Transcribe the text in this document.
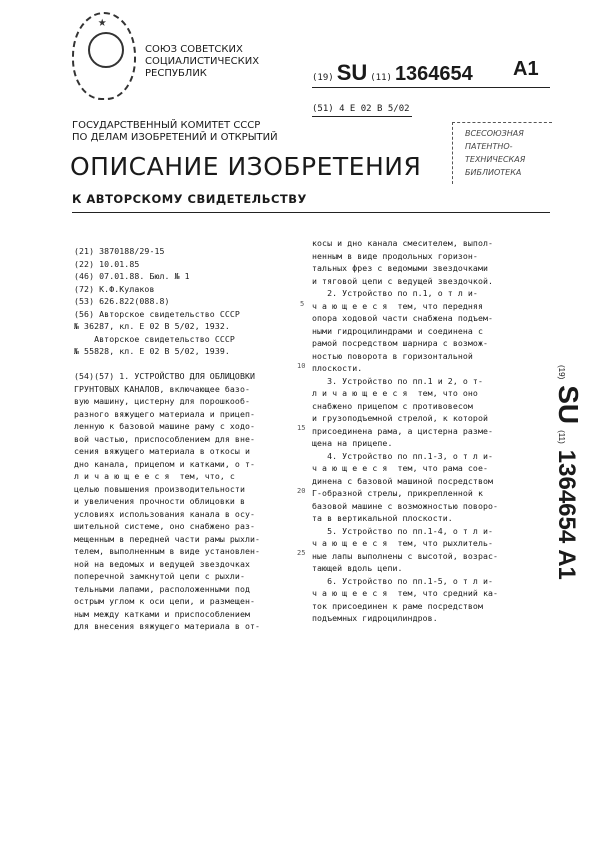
★
СОЮЗ СОВЕТСКИХ
СОЦИАЛИСТИЧЕСКИХ
РЕСПУБЛИК	(19) SU (11) 1364654 A1
(51) 4 E 02 B 5/02
ГОСУДАРСТВЕННЫЙ КОМИТЕТ СССР
ПО ДЕЛАМ ИЗОБРЕТЕНИЙ И ОТКРЫТИЙ	ВСЕСОЮЗНАЯ
ПАТЕНТНО-
ТЕХНИЧЕСКАЯ
БИБЛИОТЕКА
ОПИСАНИЕ ИЗОБРЕТЕНИЯ
К АВТОРСКОМУ СВИДЕТЕЛЬСТВУ
(21) 3870188/29-15
(22) 10.01.85
(46) 07.01.88. Бюл. № 1
(72) К.Ф.Кулаков
(53) 626.822(088.8)
(56) Авторское свидетельство СССР
№ 36287, кл. E 02 B 5/02, 1932.
Авторское свидетельство СССР
№ 55828, кл. E 02 B 5/02, 1939.

(54)(57) 1. УСТРОЙСТВО ДЛЯ ОБЛИЦОВКИ
ГРУНТОВЫХ КАНАЛОВ, включающее базо-
вую машину, цистерну для порошкооб-
разного вяжущего материала и прицеп-
ленную к базовой машине раму с ходо-
вой частью, приспособлением для вне-
сения вяжущего материала в откосы и
дно канала, прицепом и катками, о т-
л и ч а ю щ е е с я  тем, что, с
целью повышения производительности
и увеличения прочности облицовки в
условиях использования канала в осу-
шительной системе, оно снабжено раз-
мещенным в передней части рамы рыхли-
телем, выполненным в виде установлен-
ной на ведомых и ведущей звездочках
поперечной замкнутой цепи с рыхли-
тельными лапами, расположенными под
острым углом к оси цепи, и размещен-
ным между катками и приспособлением
для внесения вяжущего материала в от-
косы и дно канала смесителем, выпол-
ненным в виде продольных горизон-
тальных фрез с ведомыми звездочками
и тяговой цепи с ведущей звездочкой.
2. Устройство по п.1, о т л и-
ч а ю щ е е с я  тем, что передняя
опора ходовой части снабжена подъем-
ными гидроцилиндрами и соединена с
рамой посредством шарнира с возмож-
ностью поворота в горизонтальной
плоскости.
3. Устройство по пп.1 и 2, о т-
л и ч а ю щ е е с я  тем, что оно
снабжено прицепом с противовесом
и грузоподъемной стрелой, к которой
присоединена рама, а цистерна разме-
щена на прицепе.
4. Устройство по пп.1-3, о т л и-
ч а ю щ е е с я  тем, что рама сое-
динена с базовой машиной посредством
Г-образной стрелы, прикрепленной к
базовой машине с возможностью поворо-
та в вертикальной плоскости.
5. Устройство по пп.1-4, о т л и-
ч а ю щ е е с я  тем, что рыхлитель-
ные лапы выполнены с высотой, возрас-
тающей вдоль цепи.
6. Устройство по пп.1-5, о т л и-
ч а ю щ е е с я  тем, что средний ка-
ток присоединен к раме посредством
подъемных гидроцилиндров.
5
10
15
20
25
(19)
SU
(11)
1364654
A1
